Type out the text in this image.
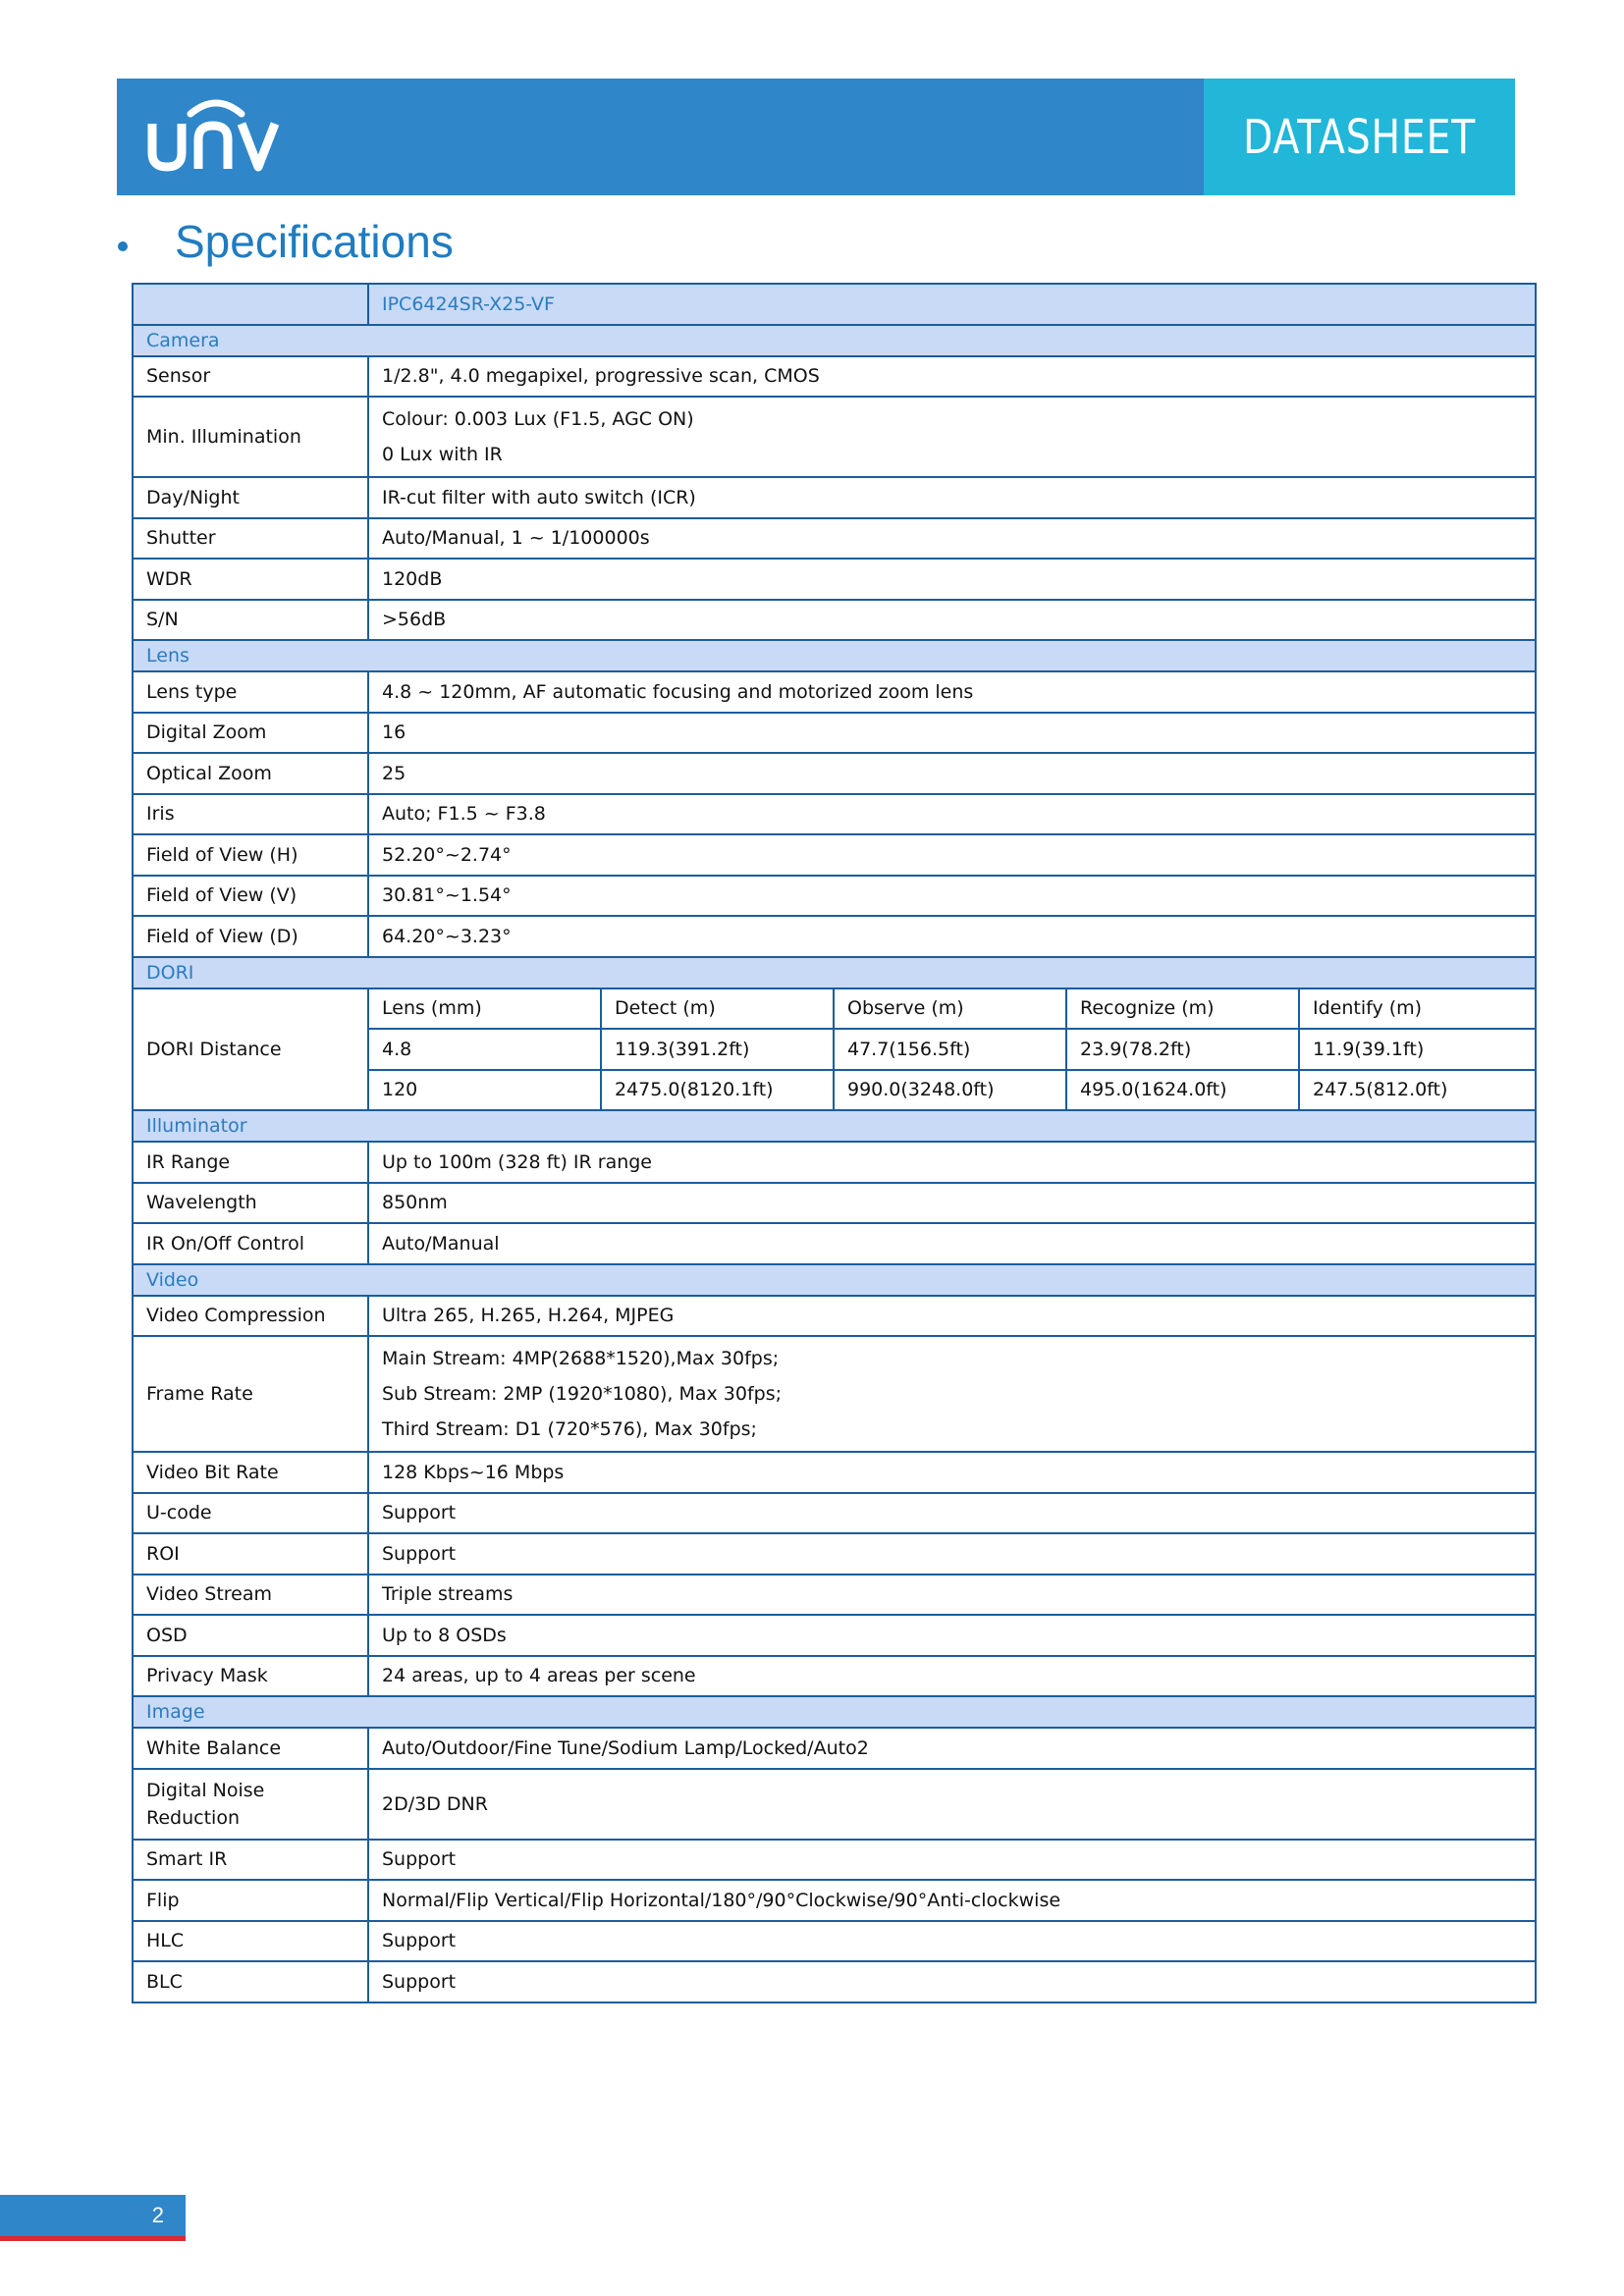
DATASHEET
Specifications
	IPC6424SR-X25-VF				
Camera					
Sensor	1/2.8", 4.0 megapixel, progressive scan, CMOS				
Min. Illumination	Colour: 0.003 Lux (F1.5, AGC ON)
0 Lux with IR				

Day/Night	IR-cut filter with auto switch (ICR)				
Shutter	Auto/Manual, 1 ~ 1/100000s				
WDR	120dB				
S/N	>56dB				
Lens					
Lens type	4.8 ~ 120mm, AF automatic focusing and motorized zoom lens				
Digital Zoom	16				
Optical Zoom	25				
Iris	Auto; F1.5 ~ F3.8				
Field of View (H)	52.20°~2.74°				
Field of View (V)	30.81°~1.54°				
Field of View (D)	64.20°~3.23°				
DORI					
DORI Distance	Lens (mm)	Detect (m)	Observe (m)	Recognize (m)	Identify (m)
	4.8	119.3(391.2ft)	47.7(156.5ft)	23.9(78.2ft)	11.9(39.1ft)
	120	2475.0(8120.1ft)	990.0(3248.0ft)	495.0(1624.0ft)	247.5(812.0ft)
Illuminator					
IR Range	Up to 100m (328 ft) IR range				
Wavelength	850nm				
IR On/Off Control	Auto/Manual				
Video					
Video Compression	Ultra 265, H.265, H.264, MJPEG				
Frame Rate	Main Stream: 4MP(2688*1520),Max 30fps;
Sub Stream: 2MP (1920*1080), Max 30fps;
Third Stream: D1 (720*576), Max 30fps;				

Video Bit Rate	128 Kbps~16 Mbps				
U-code	Support				
ROI	Support				
Video Stream	Triple streams				
OSD	Up to 8 OSDs				
Privacy Mask	24 areas, up to 4 areas per scene				
Image					
White Balance	Auto/Outdoor/Fine Tune/Sodium Lamp/Locked/Auto2				
Digital Noise Reduction	2D/3D DNR				
Smart IR	Support				
Flip	Normal/Flip Vertical/Flip Horizontal/180°/90°Clockwise/90°Anti-clockwise				
HLC	Support				
BLC	Support				
2
